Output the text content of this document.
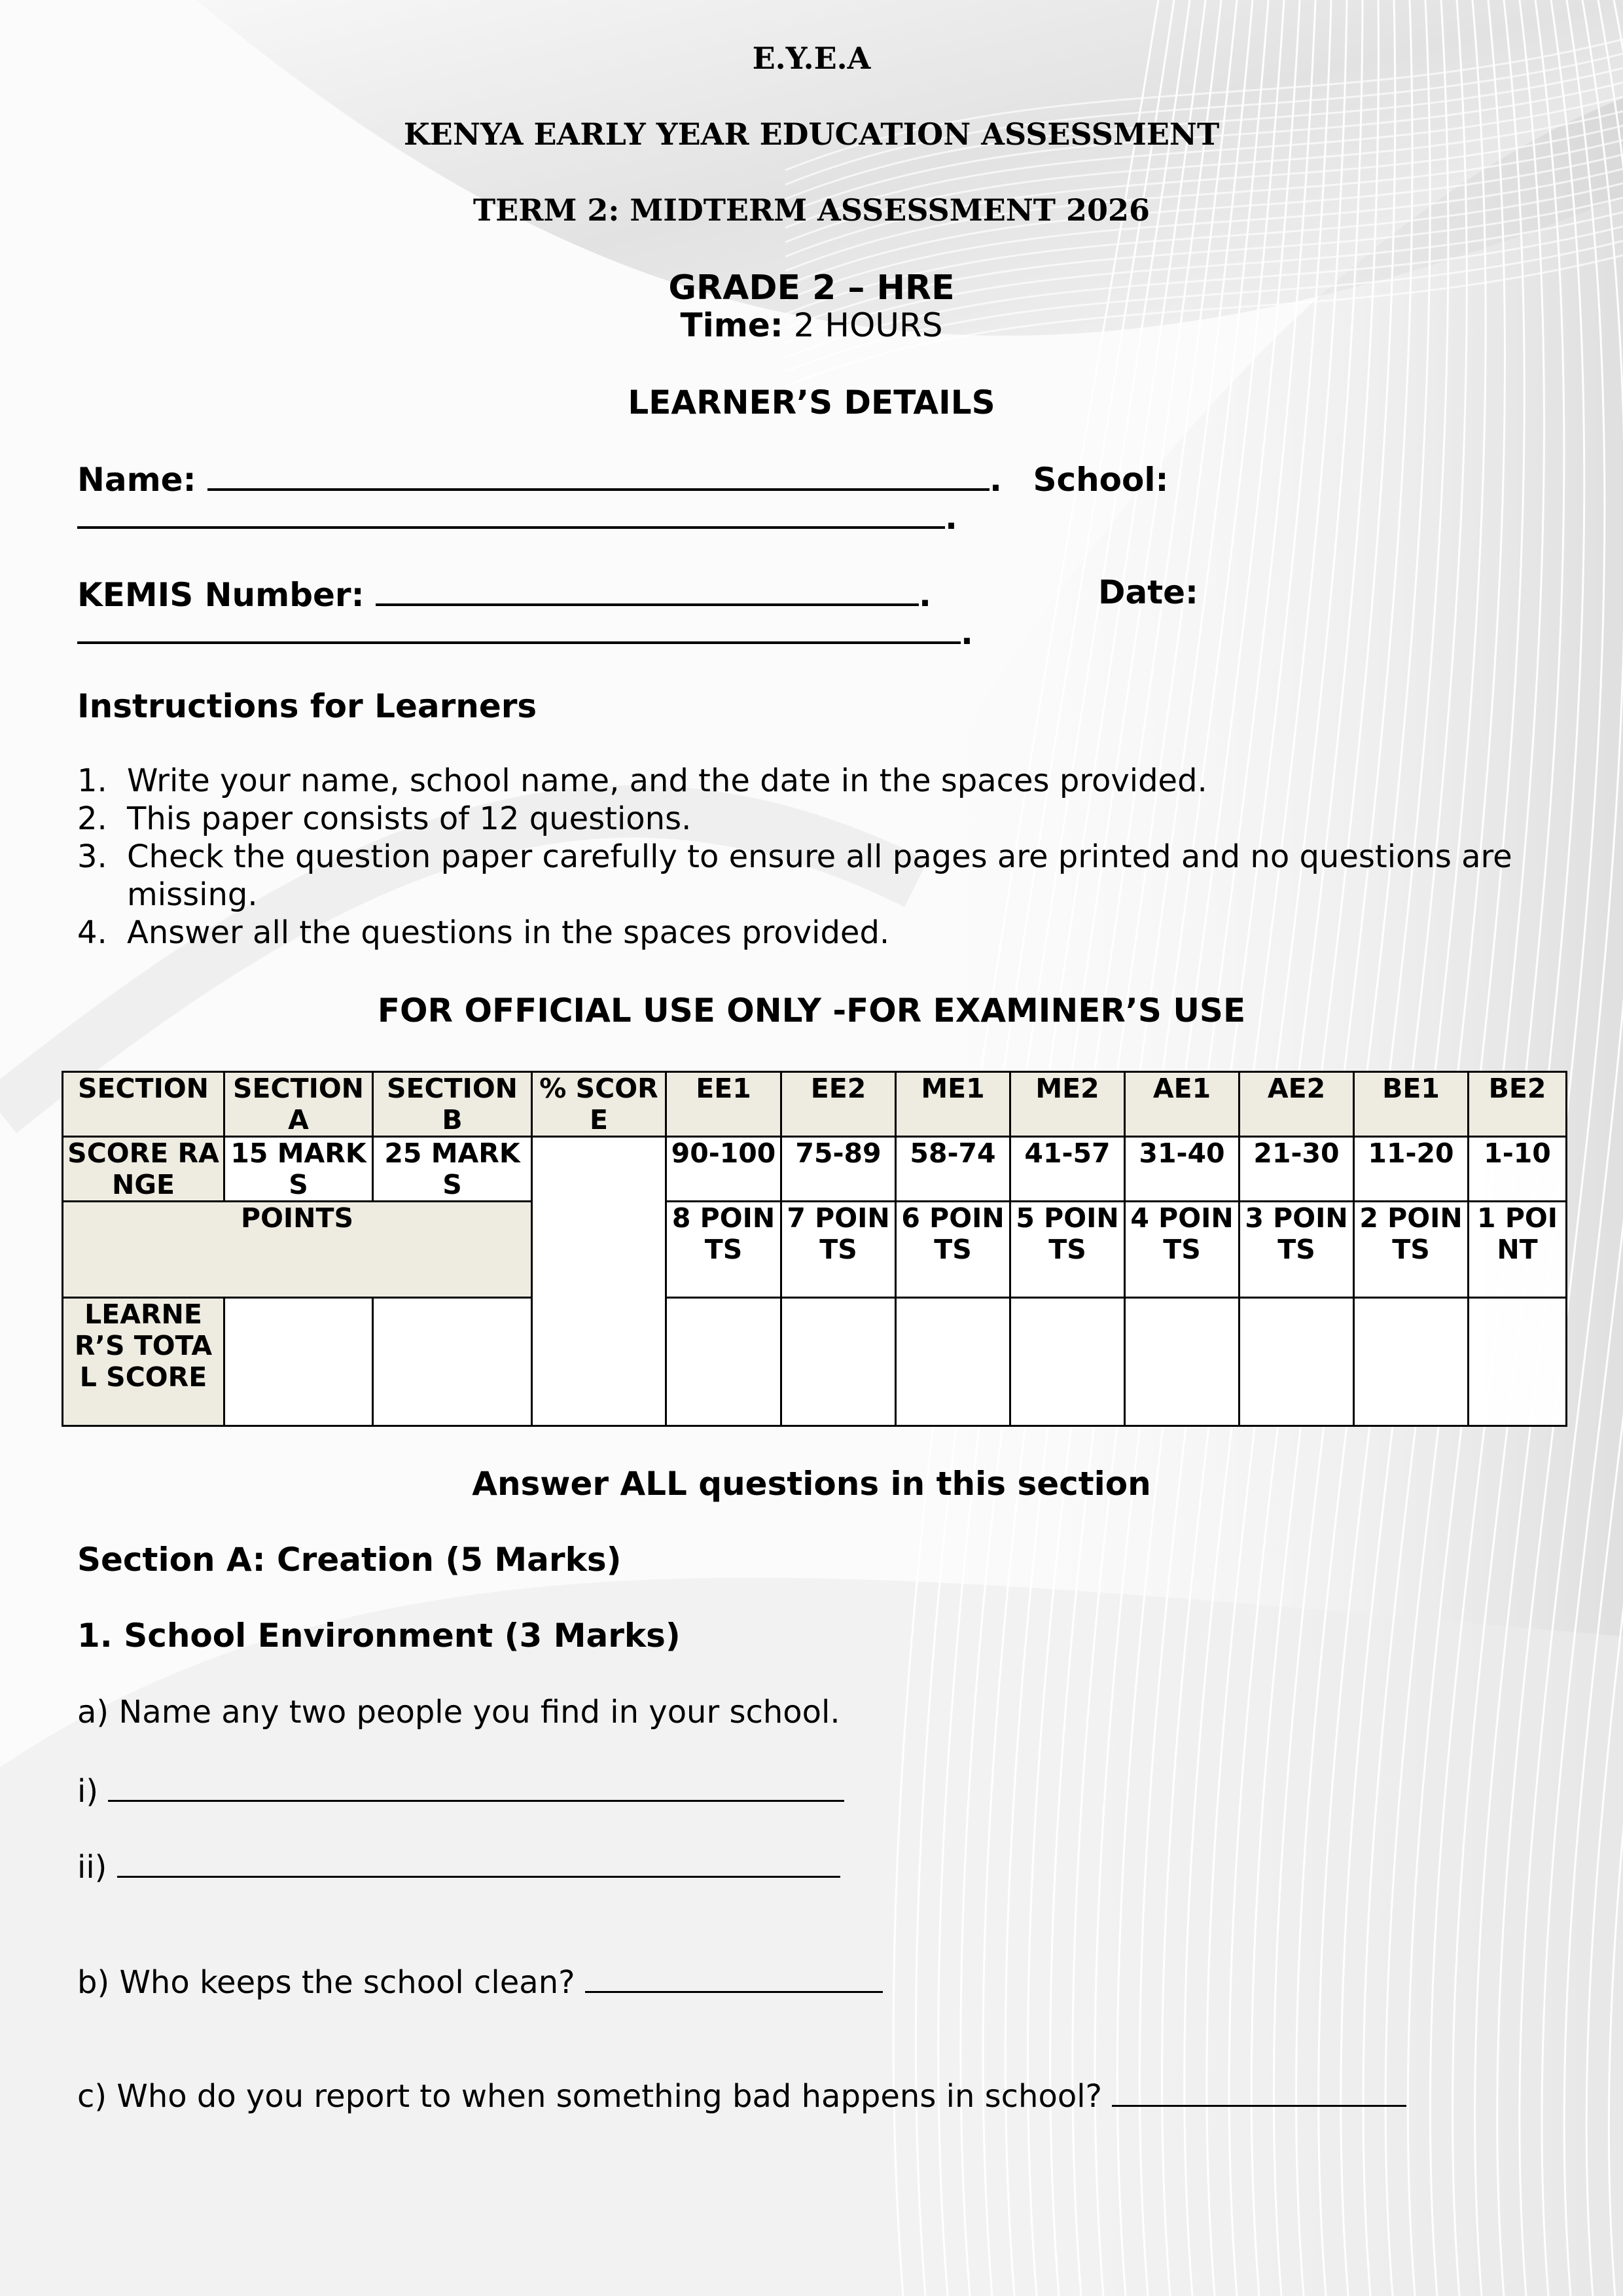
E.Y.E.A
KENYA EARLY YEAR EDUCATION ASSESSMENT
TERM 2: MIDTERM ASSESSMENT 2026
GRADE 2 – HRE
Time: 2 HOURS
LEARNER’S DETAILS
Name:	. School:
.
KEMIS Number:	.	Date:
.
Instructions for Learners
1. Write your name, school name, and the date in the spaces provided.
2. This paper consists of 12 questions.
3. Check the question paper carefully to ensure all pages are printed and no questions are missing.
4. Answer all the questions in the spaces provided.
FOR OFFICIAL USE ONLY -FOR EXAMINER’S USE
SECTION	SECTION A	SECTION B	% SCORE	EE1	EE2	ME1	ME2	AE1	AE2	BE1	BE2
SCORE RANGE	15 MARKS	25 MARKS		90-100	75-89	58-74	41-57	31-40	21-30	11-20	1-10
POINTS				8 POINTS	7 POINTS	6 POINTS	5 POINTS	4 POINTS	3 POINTS	2 POINTS	1 POINT
LEARNER’S TOTAL SCORE											
Answer ALL questions in this section
Section A: Creation (5 Marks)
1. School Environment (3 Marks)
a) Name any two people you find in your school.
i)
ii)
b) Who keeps the school clean?
c) Who do you report to when something bad happens in school?
